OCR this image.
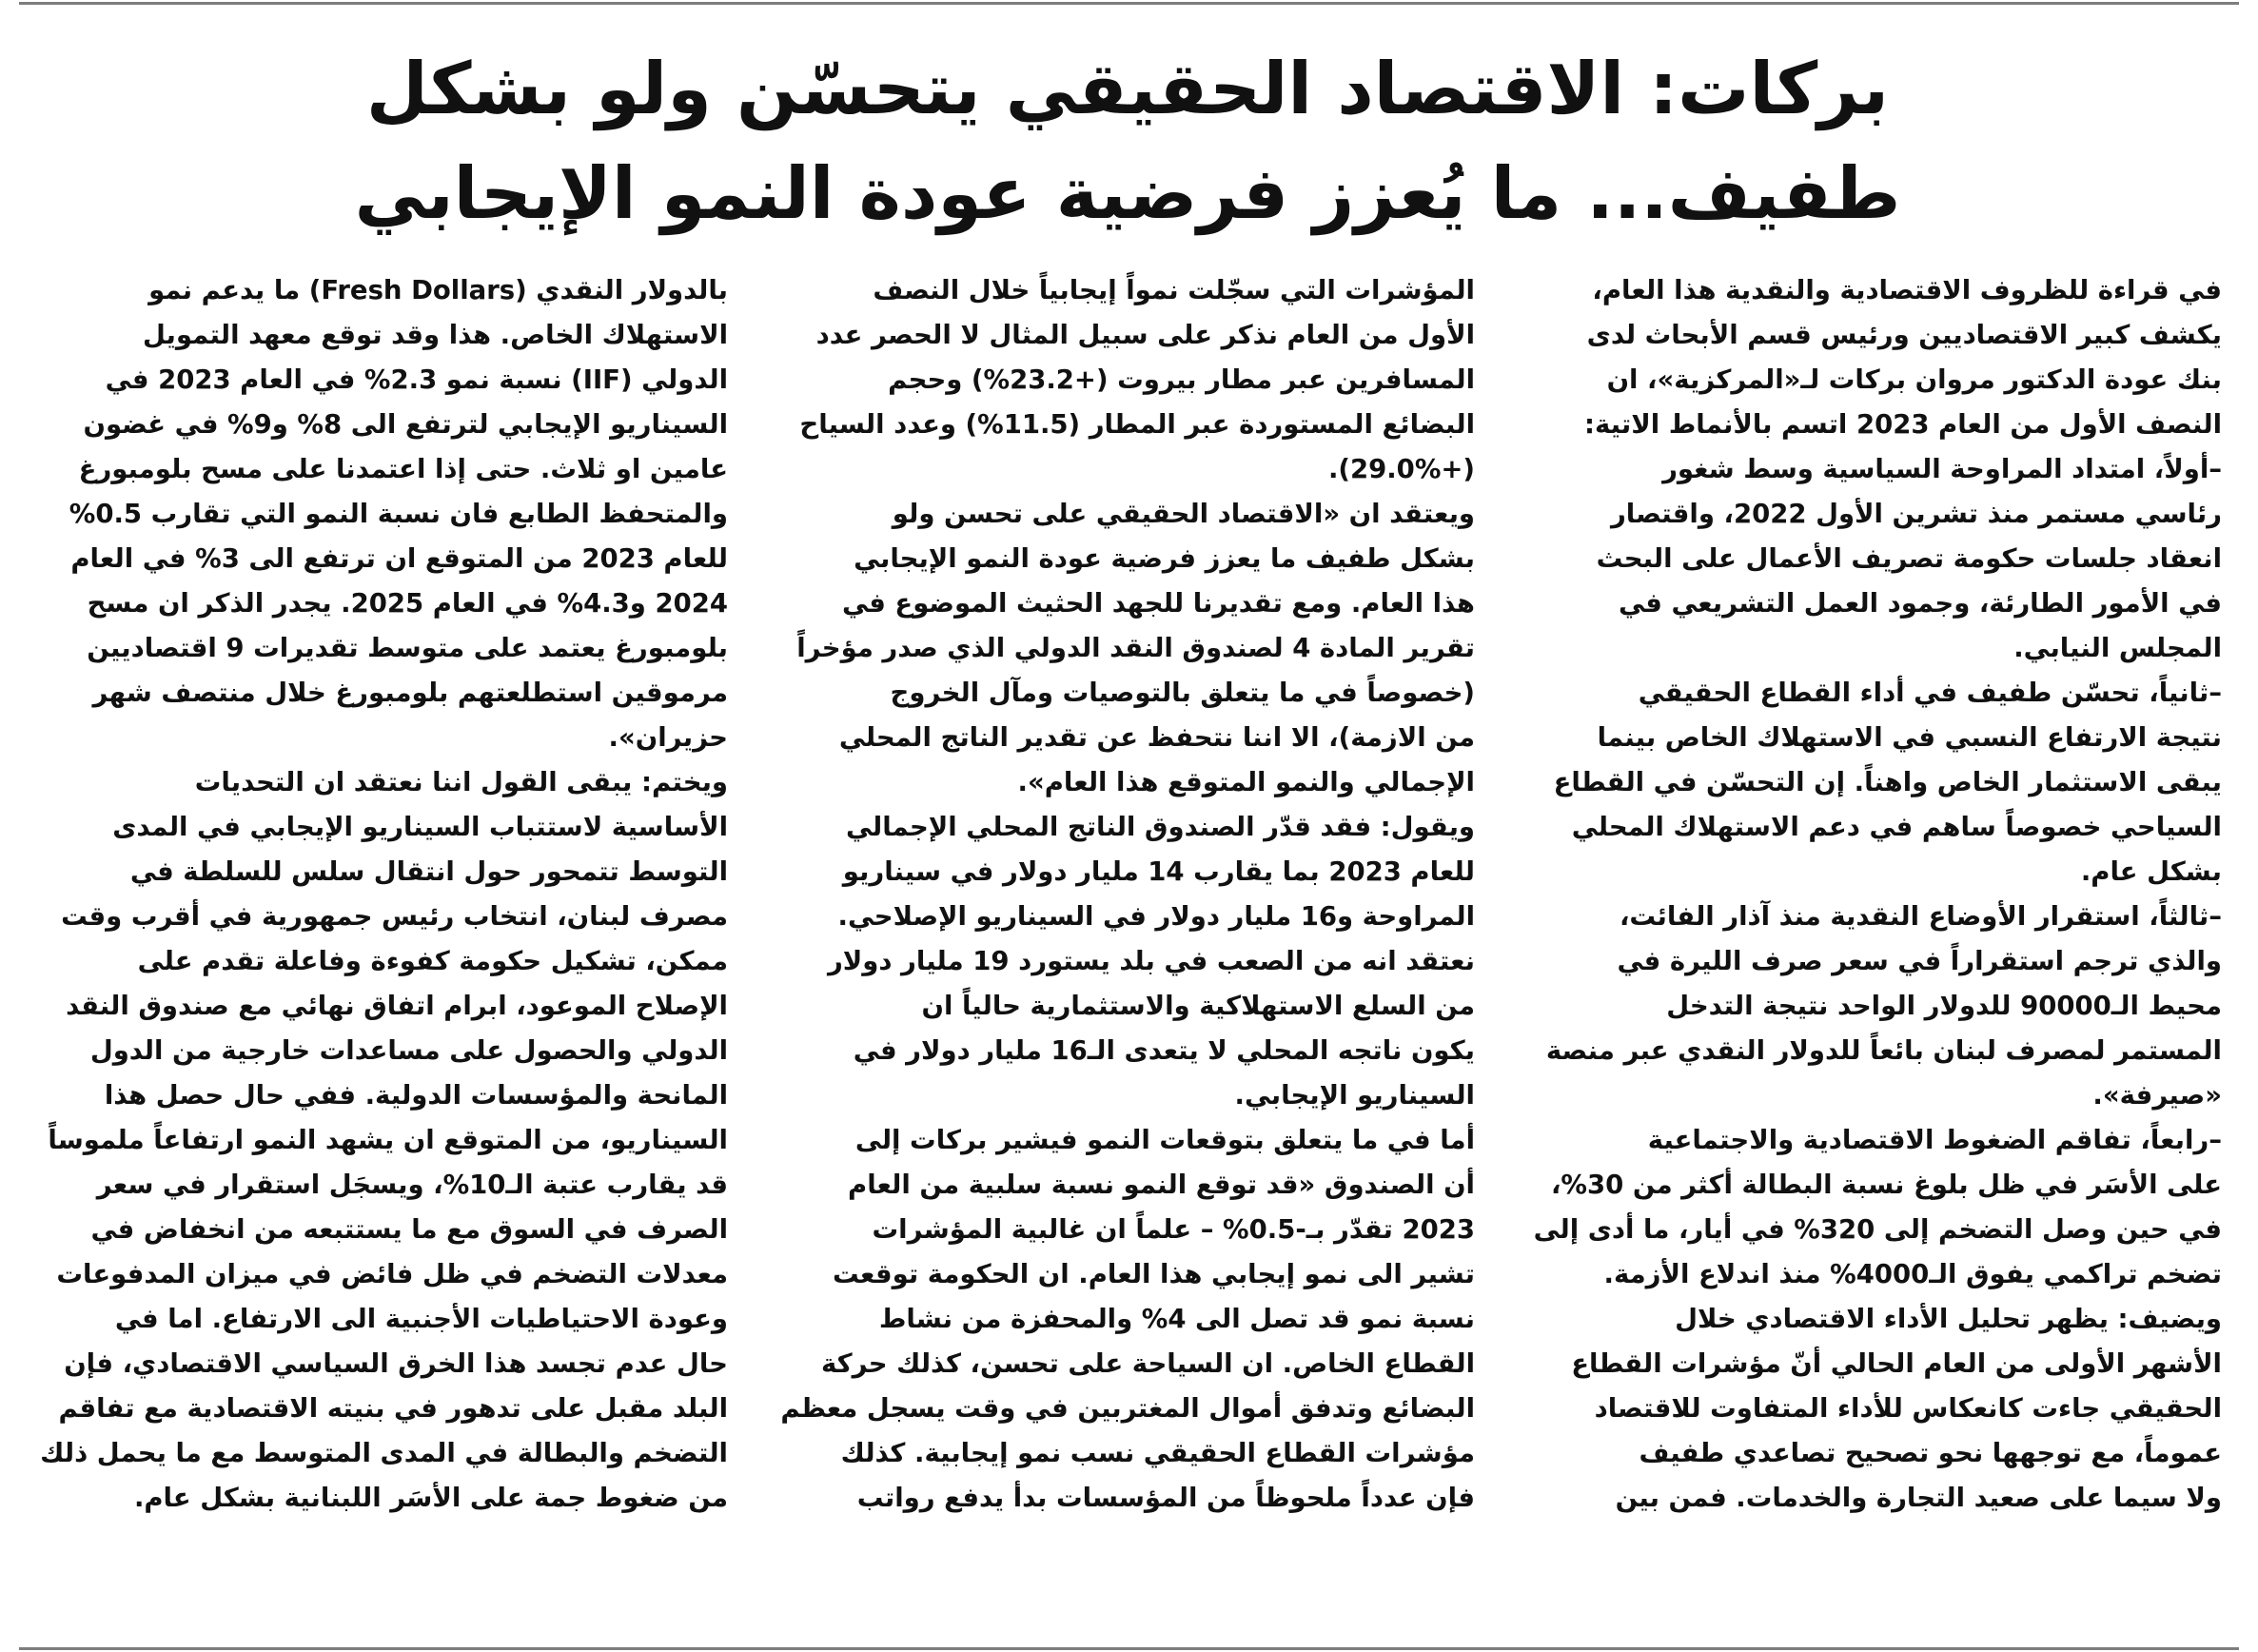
بركات: الاقتصاد الحقيقي يتحسّن ولو بشكل
طفيف... ما يُعزز فرضية عودة النمو الإيجابي
في قراءة للظروف الاقتصادية والنقدية هذا العام،
يكشف كبير الاقتصاديين ورئيس قسم الأبحاث لدى
بنك عودة الدكتور مروان بركات لـ«المركزية»، ان
النصف الأول من العام 2023 اتسم بالأنماط الاتية:
–أولاً، امتداد المراوحة السياسية وسط شغور
رئاسي مستمر منذ تشرين الأول 2022، واقتصار
انعقاد جلسات حكومة تصريف الأعمال على البحث
في الأمور الطارئة، وجمود العمل التشريعي في
المجلس النيابي.
–ثانياً، تحسّن طفيف في أداء القطاع الحقيقي
نتيجة الارتفاع النسبي في الاستهلاك الخاص بينما
يبقى الاستثمار الخاص واهناً. إن التحسّن في القطاع
السياحي خصوصاً ساهم في دعم الاستهلاك المحلي
بشكل عام.
–ثالثاً، استقرار الأوضاع النقدية منذ آذار الفائت،
والذي ترجم استقراراً في سعر صرف الليرة في
محيط الـ90000 للدولار الواحد نتيجة التدخل
المستمر لمصرف لبنان بائعاً للدولار النقدي عبر منصة
«صيرفة».
–رابعاً، تفاقم الضغوط الاقتصادية والاجتماعية
على الأسَر في ظل بلوغ نسبة البطالة أكثر من 30%،
في حين وصل التضخم إلى 320% في أيار، ما أدى إلى
تضخم تراكمي يفوق الـ4000% منذ اندلاع الأزمة.
ويضيف: يظهر تحليل الأداء الاقتصادي خلال
الأشهر الأولى من العام الحالي أنّ مؤشرات القطاع
الحقيقي جاءت كانعكاس للأداء المتفاوت للاقتصاد
عموماً، مع توجهها نحو تصحيح تصاعدي طفيف
ولا سيما على صعيد التجارة والخدمات. فمن بين
المؤشرات التي سجّلت نمواً إيجابياً خلال النصف
الأول من العام نذكر على سبيل المثال لا الحصر عدد
المسافرين عبر مطار بيروت (+23.2%) وحجم
البضائع المستوردة عبر المطار (11.5%) وعدد السياح
(+29.0%).
ويعتقد ان «الاقتصاد الحقيقي على تحسن ولو
بشكل طفيف ما يعزز فرضية عودة النمو الإيجابي
هذا العام. ومع تقديرنا للجهد الحثيث الموضوع في
تقرير المادة 4 لصندوق النقد الدولي الذي صدر مؤخراً
(خصوصاً في ما يتعلق بالتوصيات ومآل الخروج
من الازمة)، الا اننا نتحفظ عن تقدير الناتج المحلي
الإجمالي والنمو المتوقع هذا العام».
ويقول: فقد قدّر الصندوق الناتج المحلي الإجمالي
للعام 2023 بما يقارب 14 مليار دولار في سيناريو
المراوحة و16 مليار دولار في السيناريو الإصلاحي.
نعتقد انه من الصعب في بلد يستورد 19 مليار دولار
من السلع الاستهلاكية والاستثمارية حالياً ان
يكون ناتجه المحلي لا يتعدى الـ16 مليار دولار في
السيناريو الإيجابي.
أما في ما يتعلق بتوقعات النمو فيشير بركات إلى
أن الصندوق «قد توقع النمو نسبة سلبية من العام
2023 تقدّر بـ-0.5% – علماً ان غالبية المؤشرات
تشير الى نمو إيجابي هذا العام. ان الحكومة توقعت
نسبة نمو قد تصل الى 4% والمحفزة من نشاط
القطاع الخاص. ان السياحة على تحسن، كذلك حركة
البضائع وتدفق أموال المغتربين في وقت يسجل معظم
مؤشرات القطاع الحقيقي نسب نمو إيجابية. كذلك
فإن عدداً ملحوظاً من المؤسسات بدأ يدفع رواتب
بالدولار النقدي (Fresh Dollars) ما يدعم نمو
الاستهلاك الخاص. هذا وقد توقع معهد التمويل
الدولي (IIF) نسبة نمو 2.3% في العام 2023 في
السيناريو الإيجابي لترتفع الى 8% و9% في غضون
عامين او ثلاث. حتى إذا اعتمدنا على مسح بلومبورغ
والمتحفظ الطابع فان نسبة النمو التي تقارب 0.5%
للعام 2023 من المتوقع ان ترتفع الى 3% في العام
2024 و4.3% في العام 2025. يجدر الذكر ان مسح
بلومبورغ يعتمد على متوسط تقديرات 9 اقتصاديين
مرموقين استطلعتهم بلومبورغ خلال منتصف شهر
حزيران».
ويختم: يبقى القول اننا نعتقد ان التحديات
الأساسية لاستتباب السيناريو الإيجابي في المدى
التوسط تتمحور حول انتقال سلس للسلطة في
مصرف لبنان، انتخاب رئيس جمهورية في أقرب وقت
ممكن، تشكيل حكومة كفوءة وفاعلة تقدم على
الإصلاح الموعود، ابرام اتفاق نهائي مع صندوق النقد
الدولي والحصول على مساعدات خارجية من الدول
المانحة والمؤسسات الدولية. ففي حال حصل هذا
السيناريو، من المتوقع ان يشهد النمو ارتفاعاً ملموساً
قد يقارب عتبة الـ10%، ويسجَل استقرار في سعر
الصرف في السوق مع ما يستتبعه من انخفاض في
معدلات التضخم في ظل فائض في ميزان المدفوعات
وعودة الاحتياطيات الأجنبية الى الارتفاع. اما في
حال عدم تجسد هذا الخرق السياسي الاقتصادي، فإن
البلد مقبل على تدهور في بنيته الاقتصادية مع تفاقم
التضخم والبطالة في المدى المتوسط مع ما يحمل ذلك
من ضغوط جمة على الأسَر اللبنانية بشكل عام.
